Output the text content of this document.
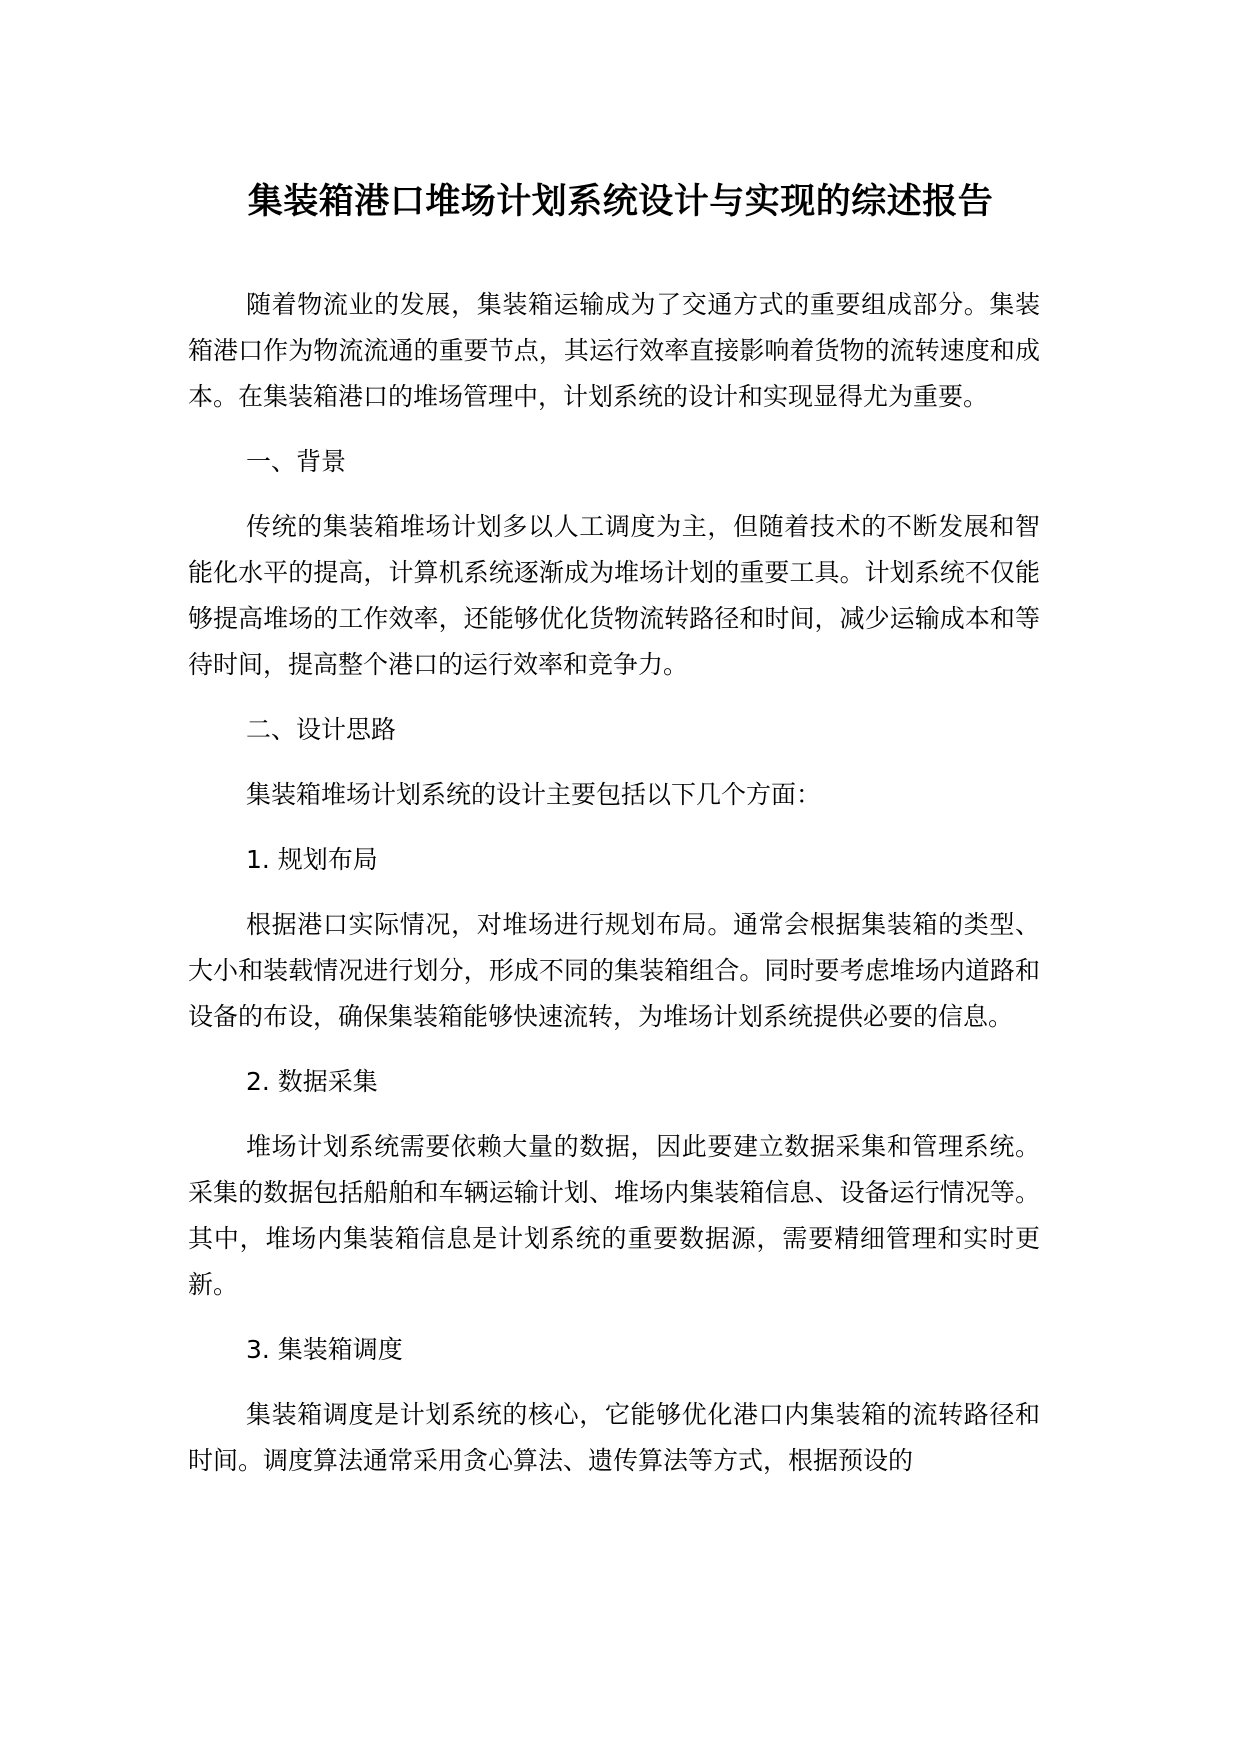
集装箱港口堆场计划系统设计与实现的综述报告

随着物流业的发展，集装箱运输成为了交通方式的重要组成部分。集装箱港口作为物流流通的重要节点，其运行效率直接影响着货物的流转速度和成本。在集装箱港口的堆场管理中，计划系统的设计和实现显得尤为重要。

一、背景

传统的集装箱堆场计划多以人工调度为主，但随着技术的不断发展和智能化水平的提高，计算机系统逐渐成为堆场计划的重要工具。计划系统不仅能够提高堆场的工作效率，还能够优化货物流转路径和时间，减少运输成本和等待时间，提高整个港口的运行效率和竞争力。

二、设计思路

集装箱堆场计划系统的设计主要包括以下几个方面：

1. 规划布局

根据港口实际情况，对堆场进行规划布局。通常会根据集装箱的类型、大小和装载情况进行划分，形成不同的集装箱组合。同时要考虑堆场内道路和设备的布设，确保集装箱能够快速流转，为堆场计划系统提供必要的信息。

2. 数据采集

堆场计划系统需要依赖大量的数据，因此要建立数据采集和管理系统。采集的数据包括船舶和车辆运输计划、堆场内集装箱信息、设备运行情况等。其中，堆场内集装箱信息是计划系统的重要数据源，需要精细管理和实时更新。

3. 集装箱调度

集装箱调度是计划系统的核心，它能够优化港口内集装箱的流转路径和时间。调度算法通常采用贪心算法、遗传算法等方式，根据预设的
